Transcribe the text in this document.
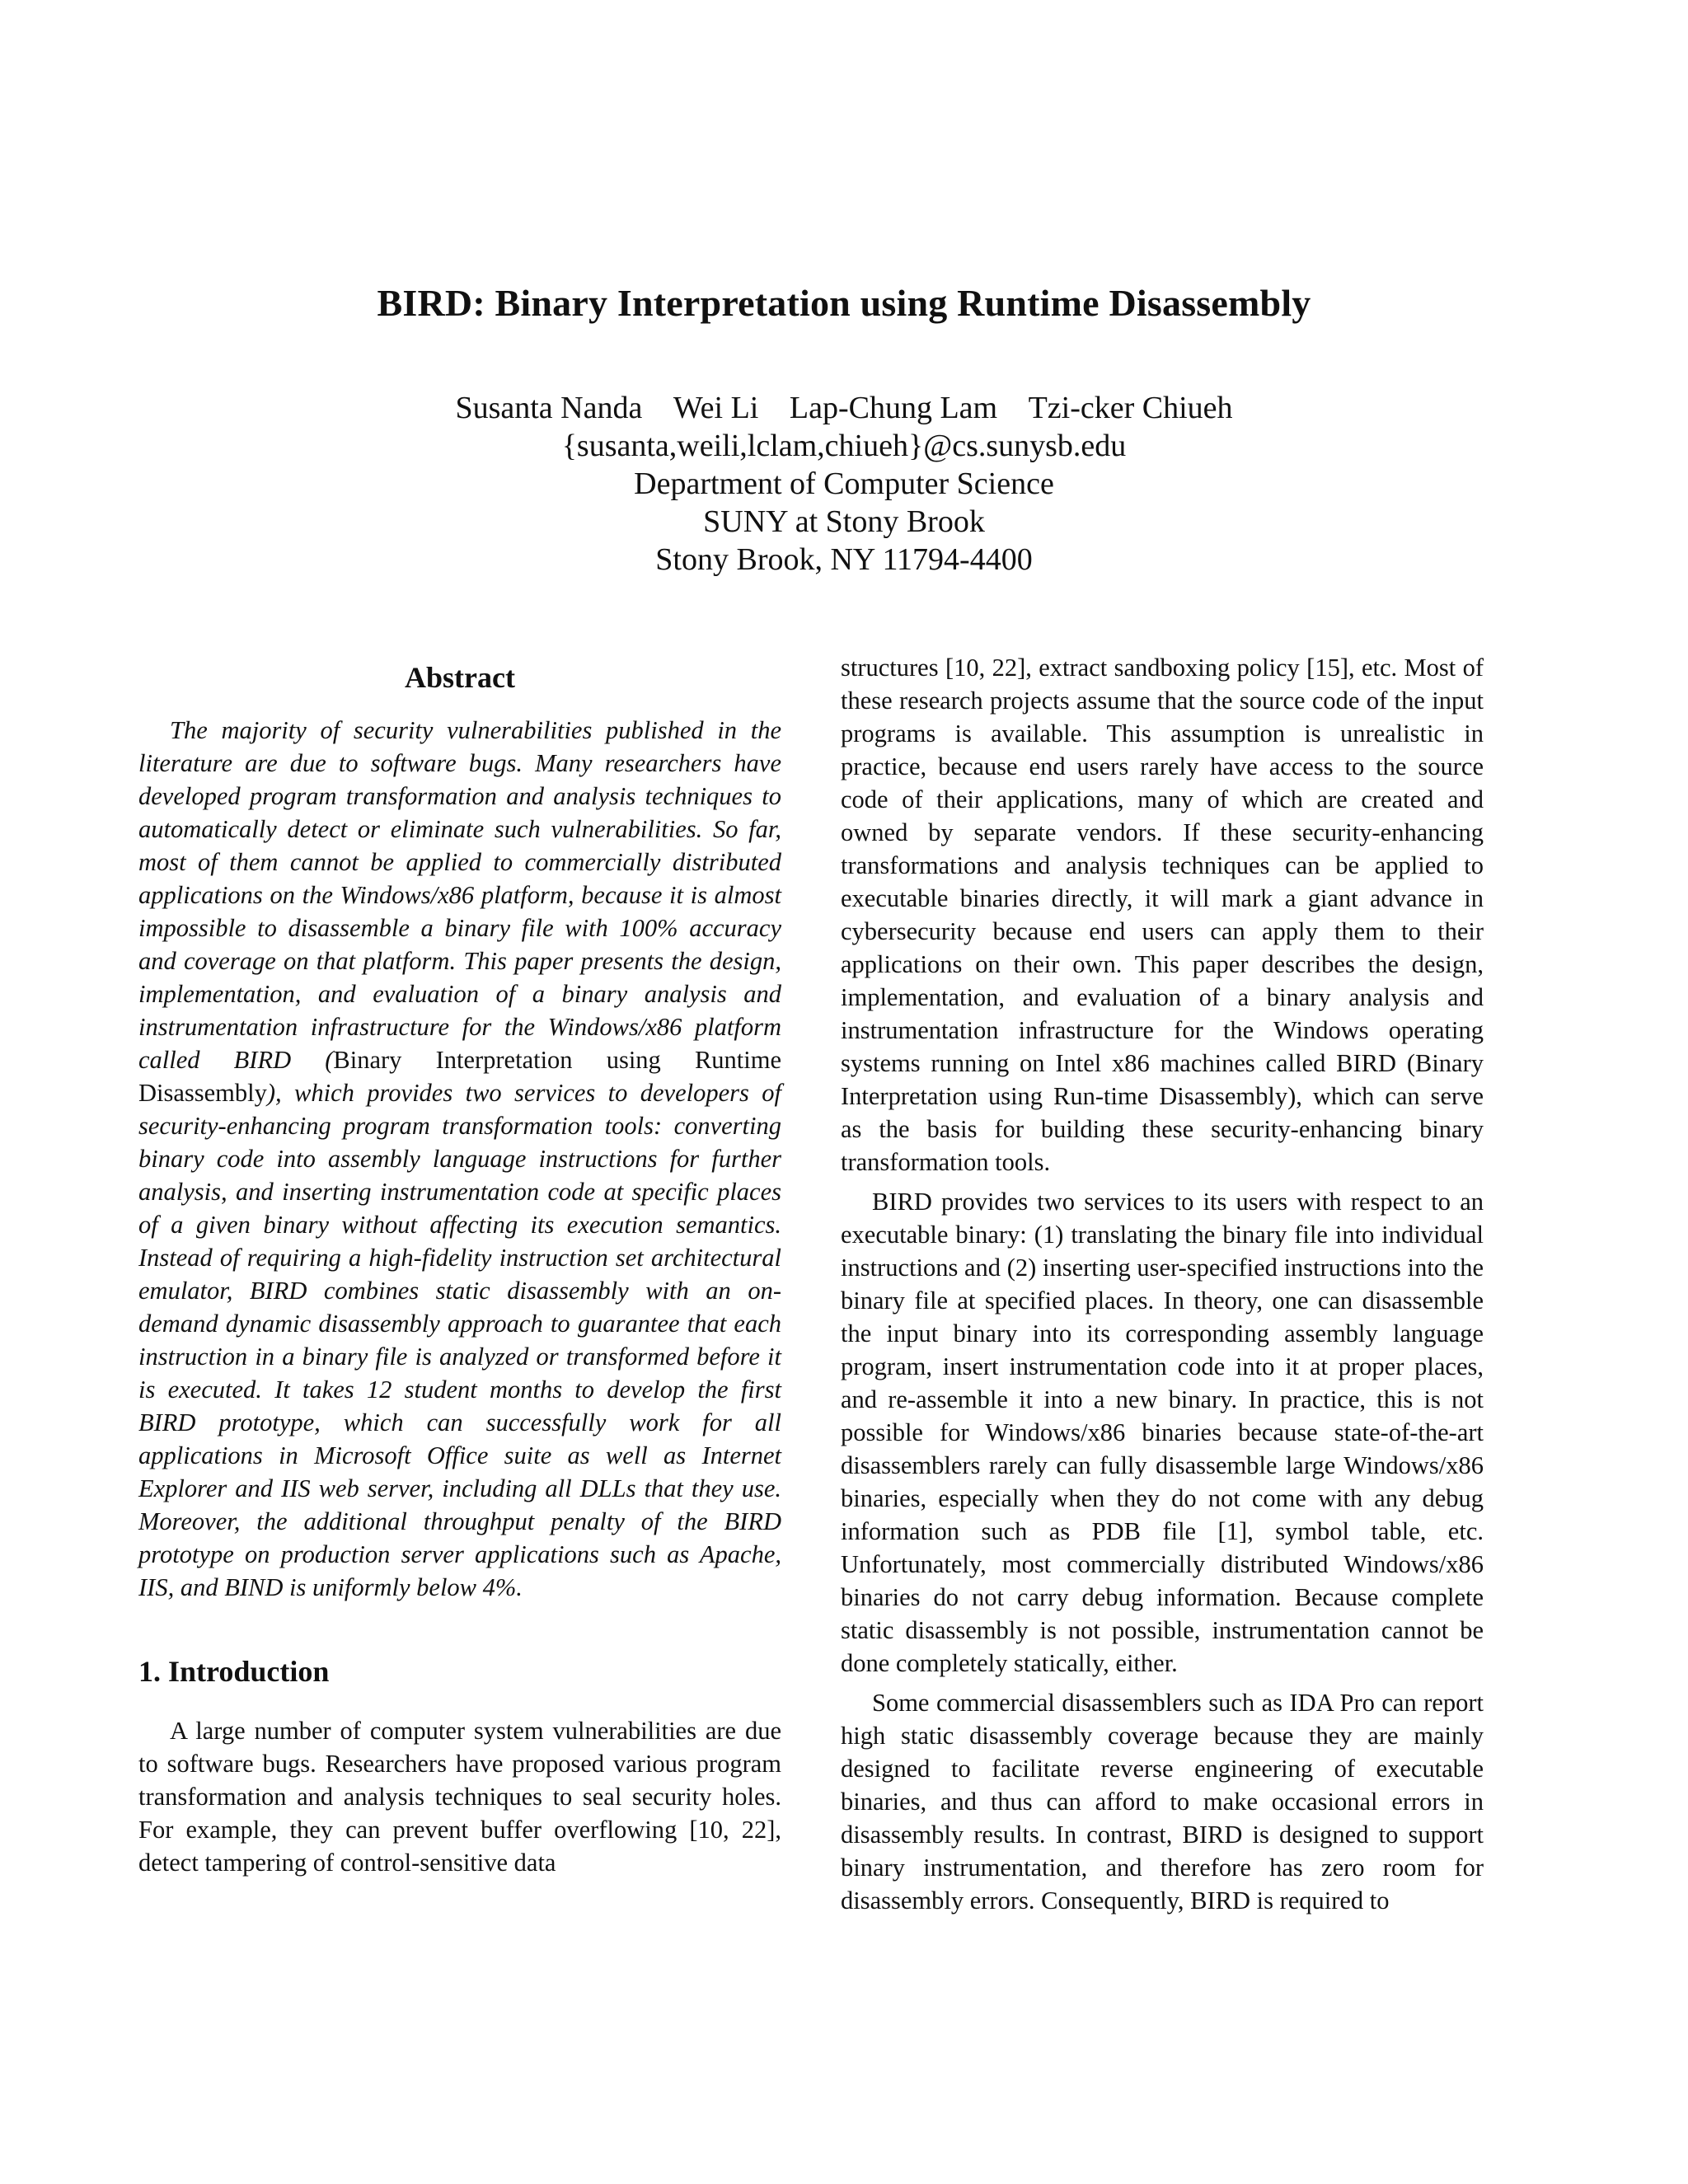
BIRD: Binary Interpretation using Runtime Disassembly
Susanta Nanda Wei Li Lap-Chung Lam Tzi-cker Chiueh
{susanta,weili,lclam,chiueh}@cs.sunysb.edu
Department of Computer Science
SUNY at Stony Brook
Stony Brook, NY 11794-4400
Abstract

The majority of security vulnerabilities published in the literature are due to software bugs. Many researchers have developed program transformation and analysis techniques to automatically detect or eliminate such vulnerabilities. So far, most of them cannot be applied to commercially distributed applications on the Windows/x86 platform, because it is almost impossible to disassemble a binary file with 100% accuracy and coverage on that platform. This paper presents the design, implementation, and evaluation of a binary analysis and instrumentation infrastructure for the Windows/x86 platform called BIRD (Binary Interpretation using Runtime Disassembly), which provides two services to developers of security-enhancing program transformation tools: converting binary code into assembly language instructions for further analysis, and inserting instrumentation code at specific places of a given binary without affecting its execution semantics. Instead of requiring a high-fidelity instruction set architectural emulator, BIRD combines static disassembly with an on-demand dynamic disassembly approach to guarantee that each instruction in a binary file is analyzed or transformed before it is executed. It takes 12 student months to develop the first BIRD prototype, which can successfully work for all applications in Microsoft Office suite as well as Internet Explorer and IIS web server, including all DLLs that they use. Moreover, the additional throughput penalty of the BIRD prototype on production server applications such as Apache, IIS, and BIND is uniformly below 4%.

1. Introduction

A large number of computer system vulnerabilities are due to software bugs. Researchers have proposed various program transformation and analysis techniques to seal security holes. For example, they can prevent buffer overflowing [10, 22], detect tampering of control-sensitive data

structures [10, 22], extract sandboxing policy [15], etc. Most of these research projects assume that the source code of the input programs is available. This assumption is unrealistic in practice, because end users rarely have access to the source code of their applications, many of which are created and owned by separate vendors. If these security-enhancing transformations and analysis techniques can be applied to executable binaries directly, it will mark a giant advance in cybersecurity because end users can apply them to their applications on their own. This paper describes the design, implementation, and evaluation of a binary analysis and instrumentation infrastructure for the Windows operating systems running on Intel x86 machines called BIRD (Binary Interpretation using Run-time Disassembly), which can serve as the basis for building these security-enhancing binary transformation tools.

BIRD provides two services to its users with respect to an executable binary: (1) translating the binary file into individual instructions and (2) inserting user-specified instructions into the binary file at specified places. In theory, one can disassemble the input binary into its corresponding assembly language program, insert instrumentation code into it at proper places, and re-assemble it into a new binary. In practice, this is not possible for Windows/x86 binaries because state-of-the-art disassemblers rarely can fully disassemble large Windows/x86 binaries, especially when they do not come with any debug information such as PDB file [1], symbol table, etc. Unfortunately, most commercially distributed Windows/x86 binaries do not carry debug information. Because complete static disassembly is not possible, instrumentation cannot be done completely statically, either.

Some commercial disassemblers such as IDA Pro can report high static disassembly coverage because they are mainly designed to facilitate reverse engineering of executable binaries, and thus can afford to make occasional errors in disassembly results. In contrast, BIRD is designed to support binary instrumentation, and therefore has zero room for disassembly errors. Consequently, BIRD is required to
